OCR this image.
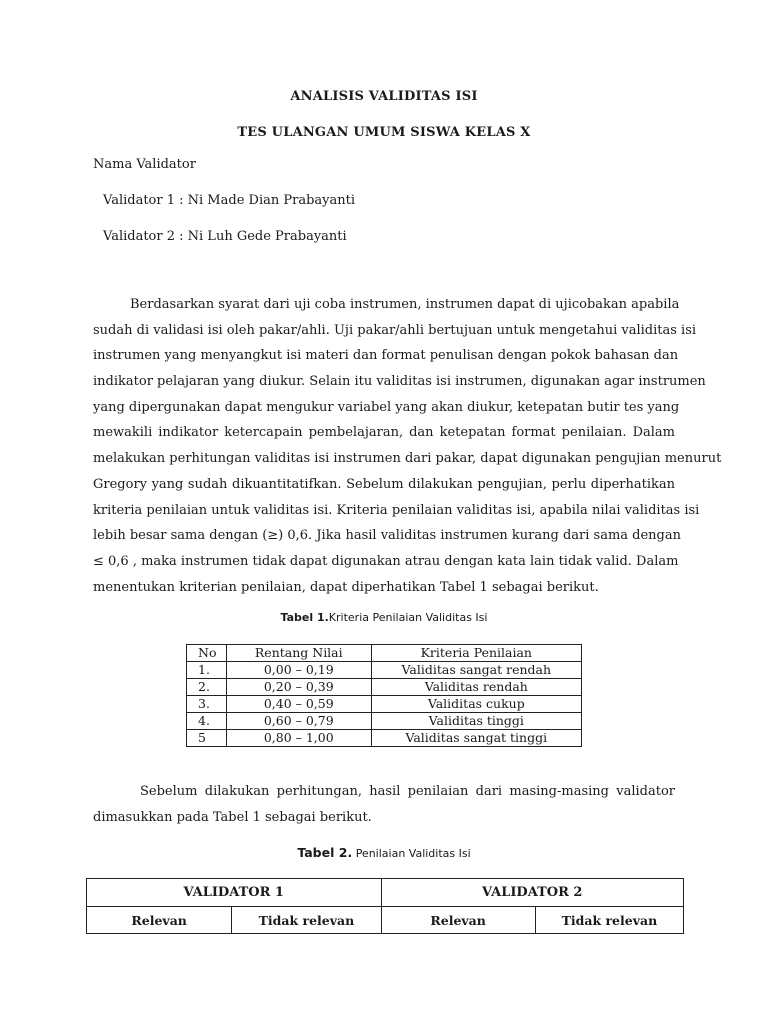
ANALISIS VALIDITAS ISI
TES ULANGAN UMUM SISWA KELAS X
Nama Validator
Validator 1 : Ni Made Dian Prabayanti
Validator 2 : Ni Luh Gede Prabayanti
Berdasarkan syarat dari uji coba instrumen, instrumen dapat di ujicobakan apabila
sudah di validasi isi oleh pakar/ahli. Uji pakar/ahli bertujuan untuk mengetahui validitas isi
instrumen yang menyangkut isi materi dan format penulisan dengan pokok bahasan dan
indikator pelajaran yang diukur. Selain itu validitas isi instrumen, digunakan agar instrumen
yang dipergunakan dapat mengukur variabel yang akan diukur, ketepatan butir tes yang
mewakili indikator ketercapain pembelajaran, dan ketepatan format penilaian. Dalam
melakukan perhitungan validitas isi instrumen dari pakar, dapat digunakan pengujian menurut
Gregory yang sudah dikuantitatifkan. Sebelum dilakukan pengujian, perlu diperhatikan
kriteria penilaian untuk validitas isi. Kriteria penilaian validitas isi, apabila nilai validitas isi
lebih besar sama dengan (≥) 0,6. Jika hasil validitas instrumen kurang dari sama dengan
≤ 0,6 , maka instrumen tidak dapat digunakan atrau dengan kata lain tidak valid. Dalam
menentukan kriterian penilaian, dapat diperhatikan Tabel 1 sebagai berikut.
Tabel 1.Kriteria Penilaian Validitas Isi
No	Rentang Nilai	Kriteria Penilaian
1.	0,00 – 0,19	Validitas sangat rendah
2.	0,20 – 0,39	Validitas rendah
3.	0,40 – 0,59	Validitas cukup
4.	0,60 – 0,79	Validitas tinggi
5	0,80 – 1,00	Validitas sangat tinggi
Sebelum dilakukan perhitungan, hasil penilaian dari masing-masing validator
dimasukkan pada Tabel 1 sebagai berikut.
Tabel 2. Penilaian Validitas Isi
VALIDATOR 1		VALIDATOR 2	
Relevan	Tidak relevan	Relevan	Tidak relevan
